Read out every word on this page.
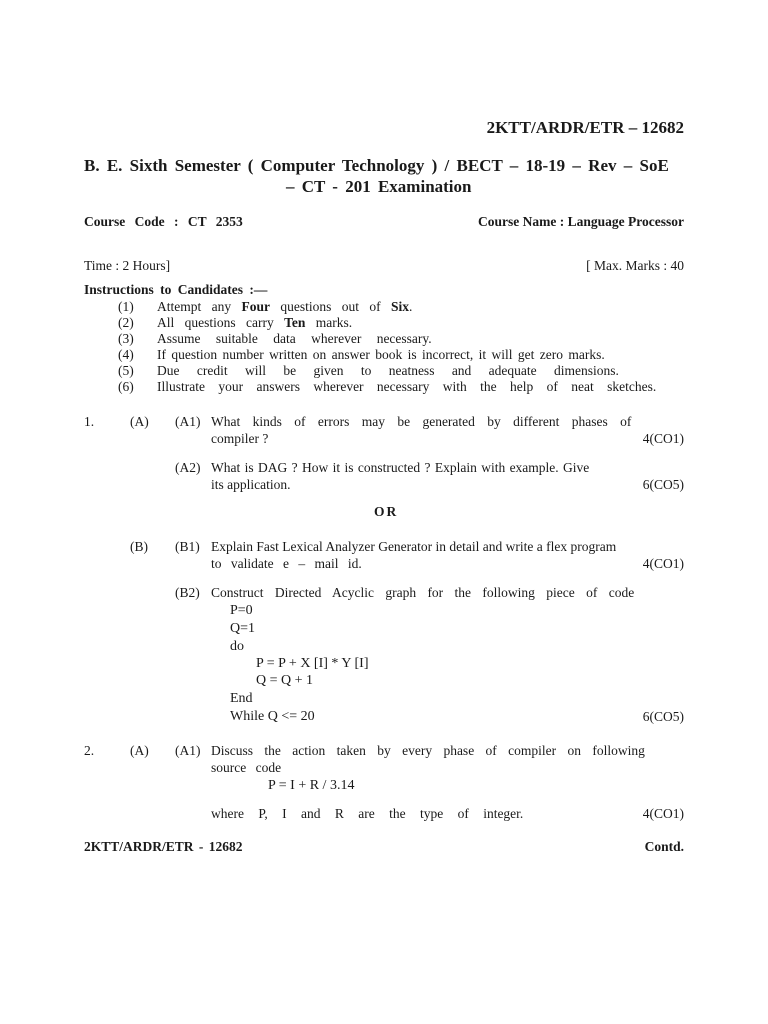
2KTT/ARDR/ETR – 12682
B. E. Sixth Semester ( Computer Technology ) / BECT – 18-19 – Rev – SoE
– CT - 201 Examination
Course Code : CT 2353	Course Name : Language Processor
Time : 2 Hours]	[ Max. Marks : 40
Instructions to Candidates :—
(1) Attempt any Four questions out of Six.
(2) All questions carry Ten marks.
(3) Assume suitable data wherever necessary.
(4) If question number written on answer book is incorrect, it will get zero marks.
(5) Due credit will be given to neatness and adequate dimensions.
(6) Illustrate your answers wherever necessary with the help of neat sketches.
1.	(A) (A1) What kinds of errors may be generated by different phases of
compiler ?	4(CO1)
(A2) What is DAG ? How it is constructed ? Explain with example. Give
its application.	6(CO5)
OR
(B) (B1) Explain Fast Lexical Analyzer Generator in detail and write a flex program
to validate e – mail id.	4(CO1)
(B2) Construct Directed Acyclic graph for the following piece of code
P=0
Q=1
do
P = P + X [I] * Y [I]
Q = Q + 1
End
While Q <= 20	6(CO5)
2.	(A) (A1) Discuss the action taken by every phase of compiler on following
source code
P = I + R / 3.14
where P, I and R are the type of integer.	4(CO1)
2KTT/ARDR/ETR - 12682	Contd.
